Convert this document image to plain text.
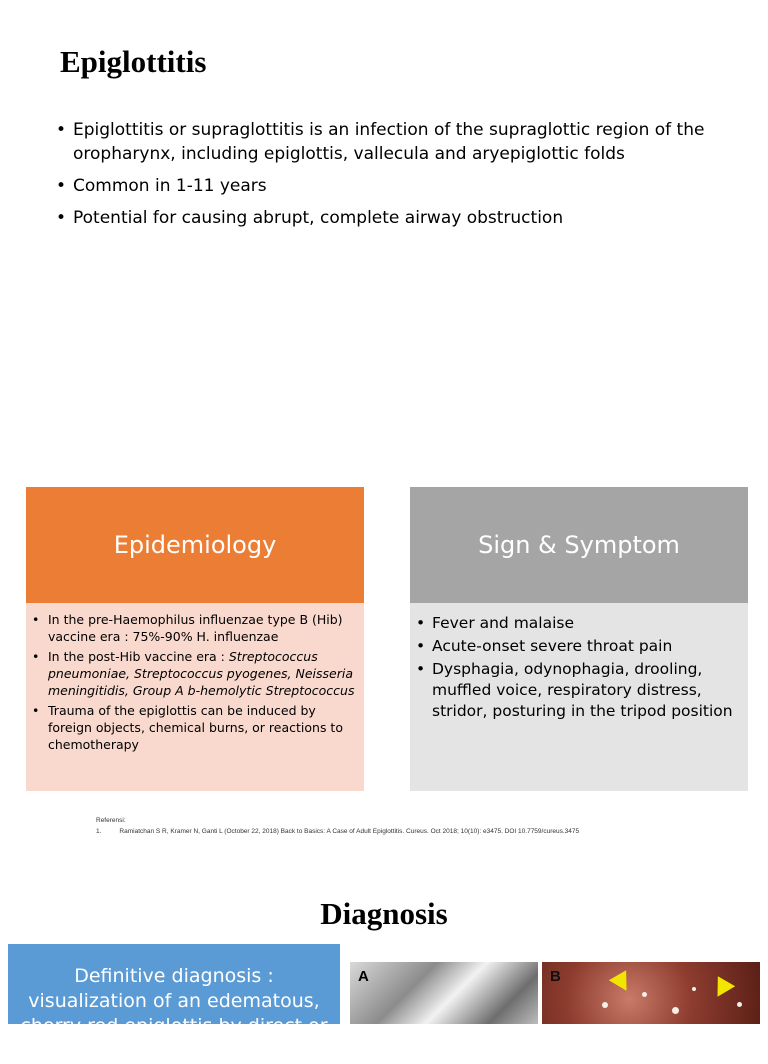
Epiglottitis
• Epiglottitis or supraglottitis is an infection of the supraglottic region of the oropharynx, including epiglottis, vallecula and aryepiglottic folds
• Common in 1-11 years
• Potential for causing abrupt, complete airway obstruction
Epidemiology
• In the pre-Haemophilus influenzae type B (Hib) vaccine era : 75%-90% H. influenzae
• In the post-Hib vaccine era : Streptococcus pneumoniae, Streptococcus pyogenes, Neisseria meningitidis, Group A b-hemolytic Streptococcus
• Trauma of the epiglottis can be induced by foreign objects, chemical burns, or reactions to chemotherapy
Sign & Symptom
• Fever and malaise
• Acute-onset severe throat pain
• Dysphagia, odynophagia, drooling, muffled voice, respiratory distress, stridor, posturing in the tripod position
Referensi:
1.	Ramiatchan S R, Kramer N, Ganti L (October 22, 2018) Back to Basics: A Case of Adult Epiglottitis. Cureus. Oct 2018; 10(10): e3475. DOI 10.7759/cureus.3475
Diagnosis
Definitive diagnosis : visualization of an edematous, cherry red epiglottis by direct or indirect
A	B
